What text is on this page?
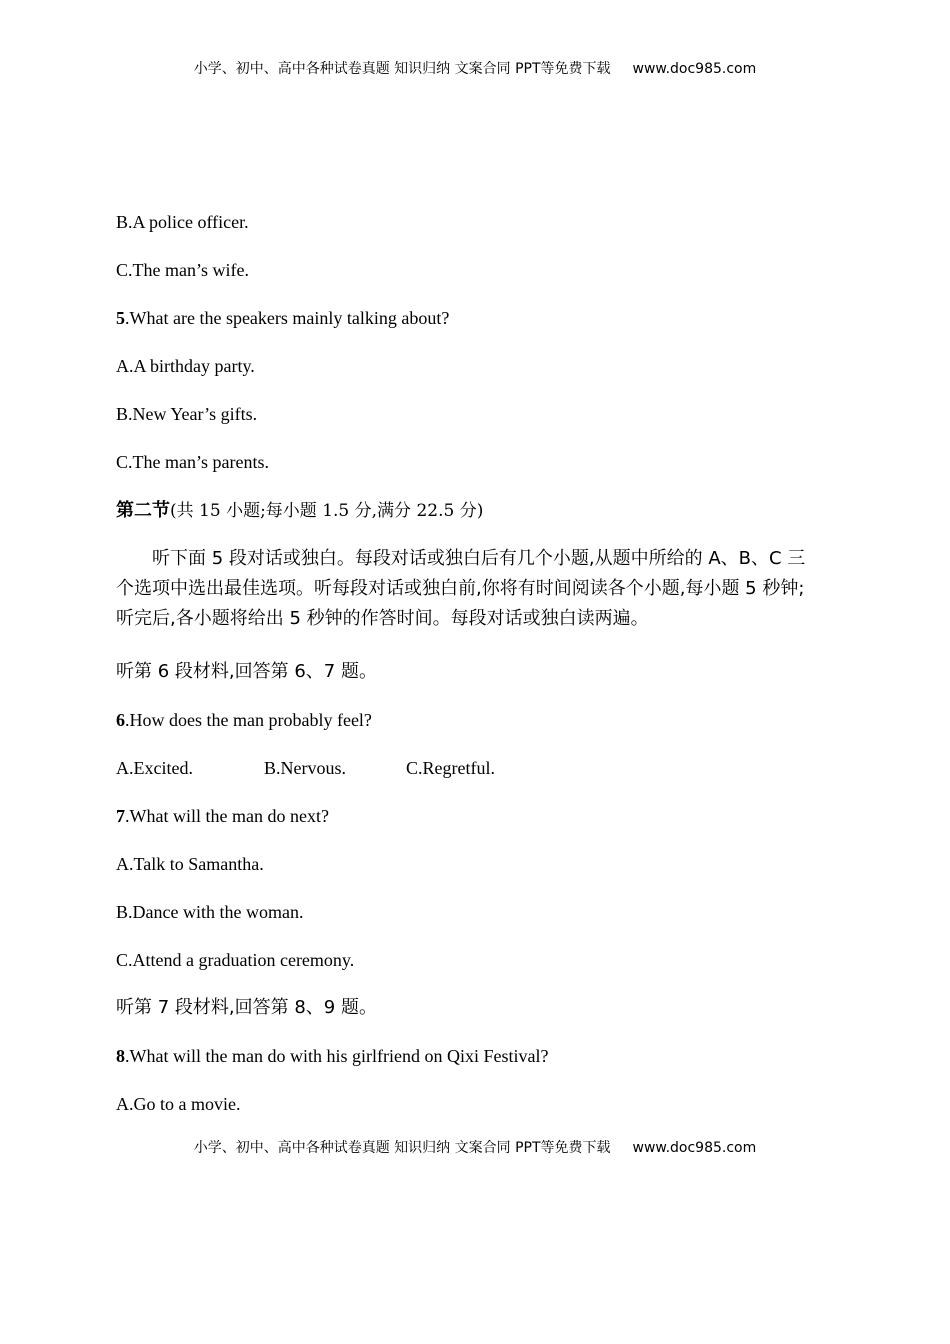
小学、初中、高中各种试卷真题 知识归纳 文案合同 PPT等免费下载 www.doc985.com
B.A police officer.
C.The man’s wife.
5.What are the speakers mainly talking about?
A.A birthday party.
B.New Year’s gifts.
C.The man’s parents.
第二节(共 15 小题;每小题 1.5 分,满分 22.5 分)
听下面 5 段对话或独白。每段对话或独白后有几个小题,从题中所给的 A、B、C 三
个选项中选出最佳选项。听每段对话或独白前,你将有时间阅读各个小题,每小题 5 秒钟;
听完后,各小题将给出 5 秒钟的作答时间。每段对话或独白读两遍。
听第 6 段材料,回答第 6、7 题。
6.How does the man probably feel?
A.Excited.	B.Nervous.	C.Regretful.
7.What will the man do next?
A.Talk to Samantha.
B.Dance with the woman.
C.Attend a graduation ceremony.
听第 7 段材料,回答第 8、9 题。
8.What will the man do with his girlfriend on Qixi Festival?
A.Go to a movie.
小学、初中、高中各种试卷真题 知识归纳 文案合同 PPT等免费下载 www.doc985.com
